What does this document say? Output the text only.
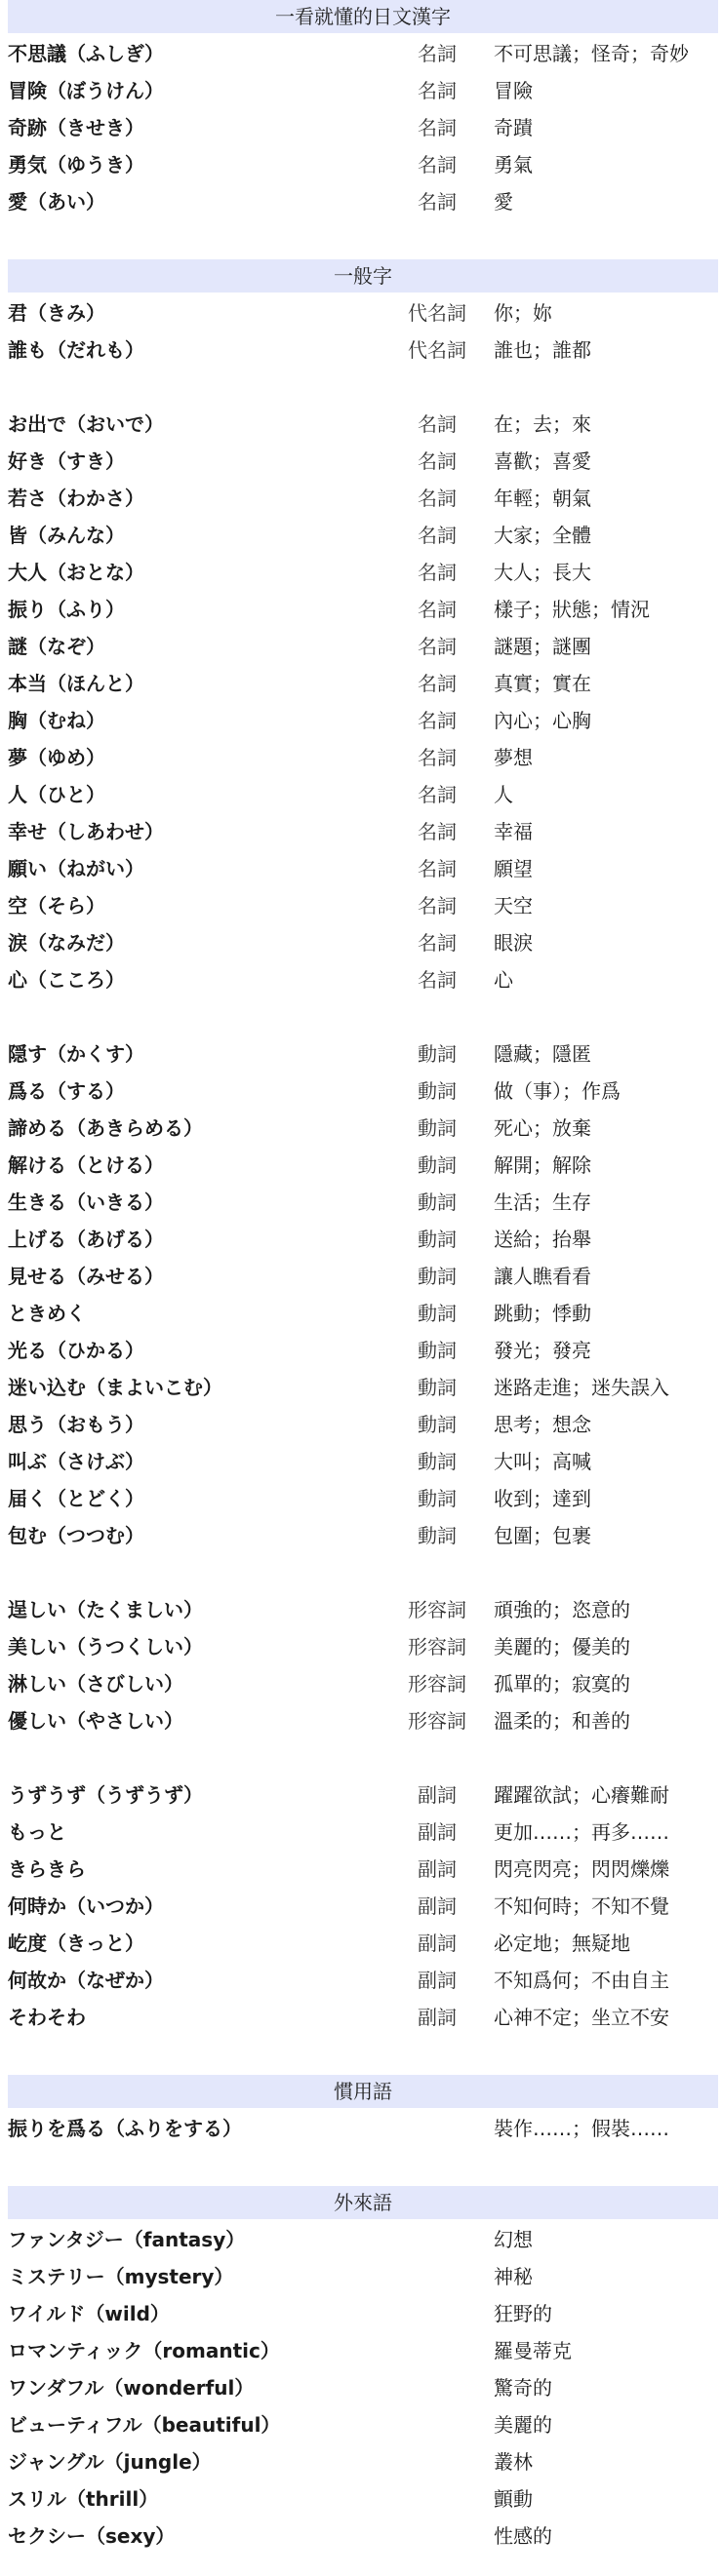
一看就懂的日文漢字
不思議（ふしぎ）	名詞 不可思議；怪奇；奇妙
冒険（ぼうけん）	名詞 冒險
奇跡（きせき）	名詞 奇蹟
勇気（ゆうき）	名詞 勇氣
愛（あい）	名詞 愛
一般字
君（きみ）	代名詞 你；妳
誰も（だれも）	代名詞 誰也；誰都
お出で（おいで）	名詞 在；去；來
好き（すき）	名詞 喜歡；喜愛
若さ（わかさ）	名詞 年輕；朝氣
皆（みんな）	名詞 大家；全體
大人（おとな）	名詞 大人；長大
振り（ふり）	名詞 樣子；狀態；情況
謎（なぞ）	名詞 謎題；謎團
本当（ほんと）	名詞 真實；實在
胸（むね）	名詞 內心；心胸
夢（ゆめ）	名詞 夢想
人（ひと）	名詞 人
幸せ（しあわせ）	名詞 幸福
願い（ねがい）	名詞 願望
空（そら）	名詞 天空
涙（なみだ）	名詞 眼淚
心（こころ）	名詞 心
隠す（かくす）	動詞 隱藏；隱匿
爲る（する）	動詞 做（事）；作爲
諦める（あきらめる）	動詞 死心；放棄
解ける（とける）	動詞 解開；解除
生きる（いきる）	動詞 生活；生存
上げる（あげる）	動詞 送給；抬舉
見せる（みせる）	動詞 讓人瞧看看
ときめく	動詞 跳動；悸動
光る（ひかる）	動詞 發光；發亮
迷い込む（まよいこむ）	動詞 迷路走進；迷失誤入
思う（おもう）	動詞 思考；想念
叫ぶ（さけぶ）	動詞 大叫；高喊
届く（とどく）	動詞 收到；達到
包む（つつむ）	動詞 包圍；包裹
逞しい（たくましい）	形容詞 頑強的；恣意的
美しい（うつくしい）	形容詞 美麗的；優美的
淋しい（さびしい）	形容詞 孤單的；寂寞的
優しい（やさしい）	形容詞 溫柔的；和善的
うずうず（うずうず）	副詞 躍躍欲試；心癢難耐
もっと	副詞 更加……；再多……
きらきら	副詞 閃亮閃亮；閃閃爍爍
何時か（いつか）	副詞 不知何時；不知不覺
屹度（きっと）	副詞 必定地；無疑地
何故か（なぜか）	副詞 不知爲何；不由自主
そわそわ	副詞 心神不定；坐立不安
慣用語
振りを爲る（ふりをする）	裝作……；假裝……
外來語
ファンタジー（fantasy）	幻想
ミステリー（mystery）	神秘
ワイルド（wild）	狂野的
ロマンティック（romantic）	羅曼蒂克
ワンダフル（wonderful）	驚奇的
ビューティフル（beautiful）	美麗的
ジャングル（jungle）	叢林
スリル（thrill）	顫動
セクシー（sexy）	性感的
